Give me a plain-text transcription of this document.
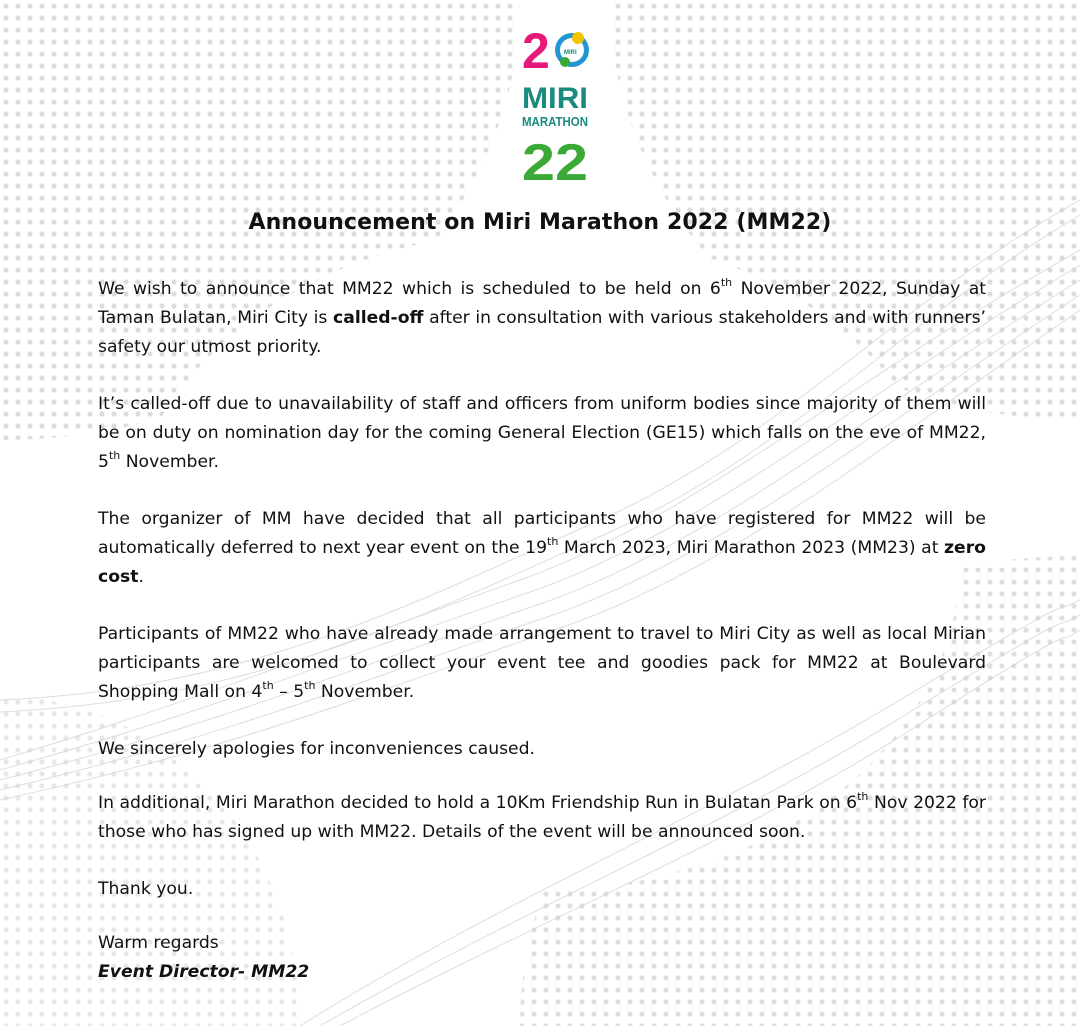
2 MIRI
MIRI
MARATHON
22
Announcement on Miri Marathon 2022 (MM22)

We wish to announce that MM22 which is scheduled to be held on 6th November 2022, Sunday at Taman Bulatan, Miri City is called-off after in consultation with various stakeholders and with runners’ safety our utmost priority.

It’s called-off due to unavailability of staff and officers from uniform bodies since majority of them will be on duty on nomination day for the coming General Election (GE15) which falls on the eve of MM22, 5th November.

The organizer of MM have decided that all participants who have registered for MM22 will be automatically deferred to next year event on the 19th March 2023, Miri Marathon 2023 (MM23) at zero cost.

Participants of MM22 who have already made arrangement to travel to Miri City as well as local Mirian participants are welcomed to collect your event tee and goodies pack for MM22 at Boulevard Shopping Mall on 4th – 5th November.

We sincerely apologies for inconveniences caused.

In additional, Miri Marathon decided to hold a 10Km Friendship Run in Bulatan Park on 6th Nov 2022 for those who has signed up with MM22. Details of the event will be announced soon.

Thank you.

Warm regards

Event Director- MM22
